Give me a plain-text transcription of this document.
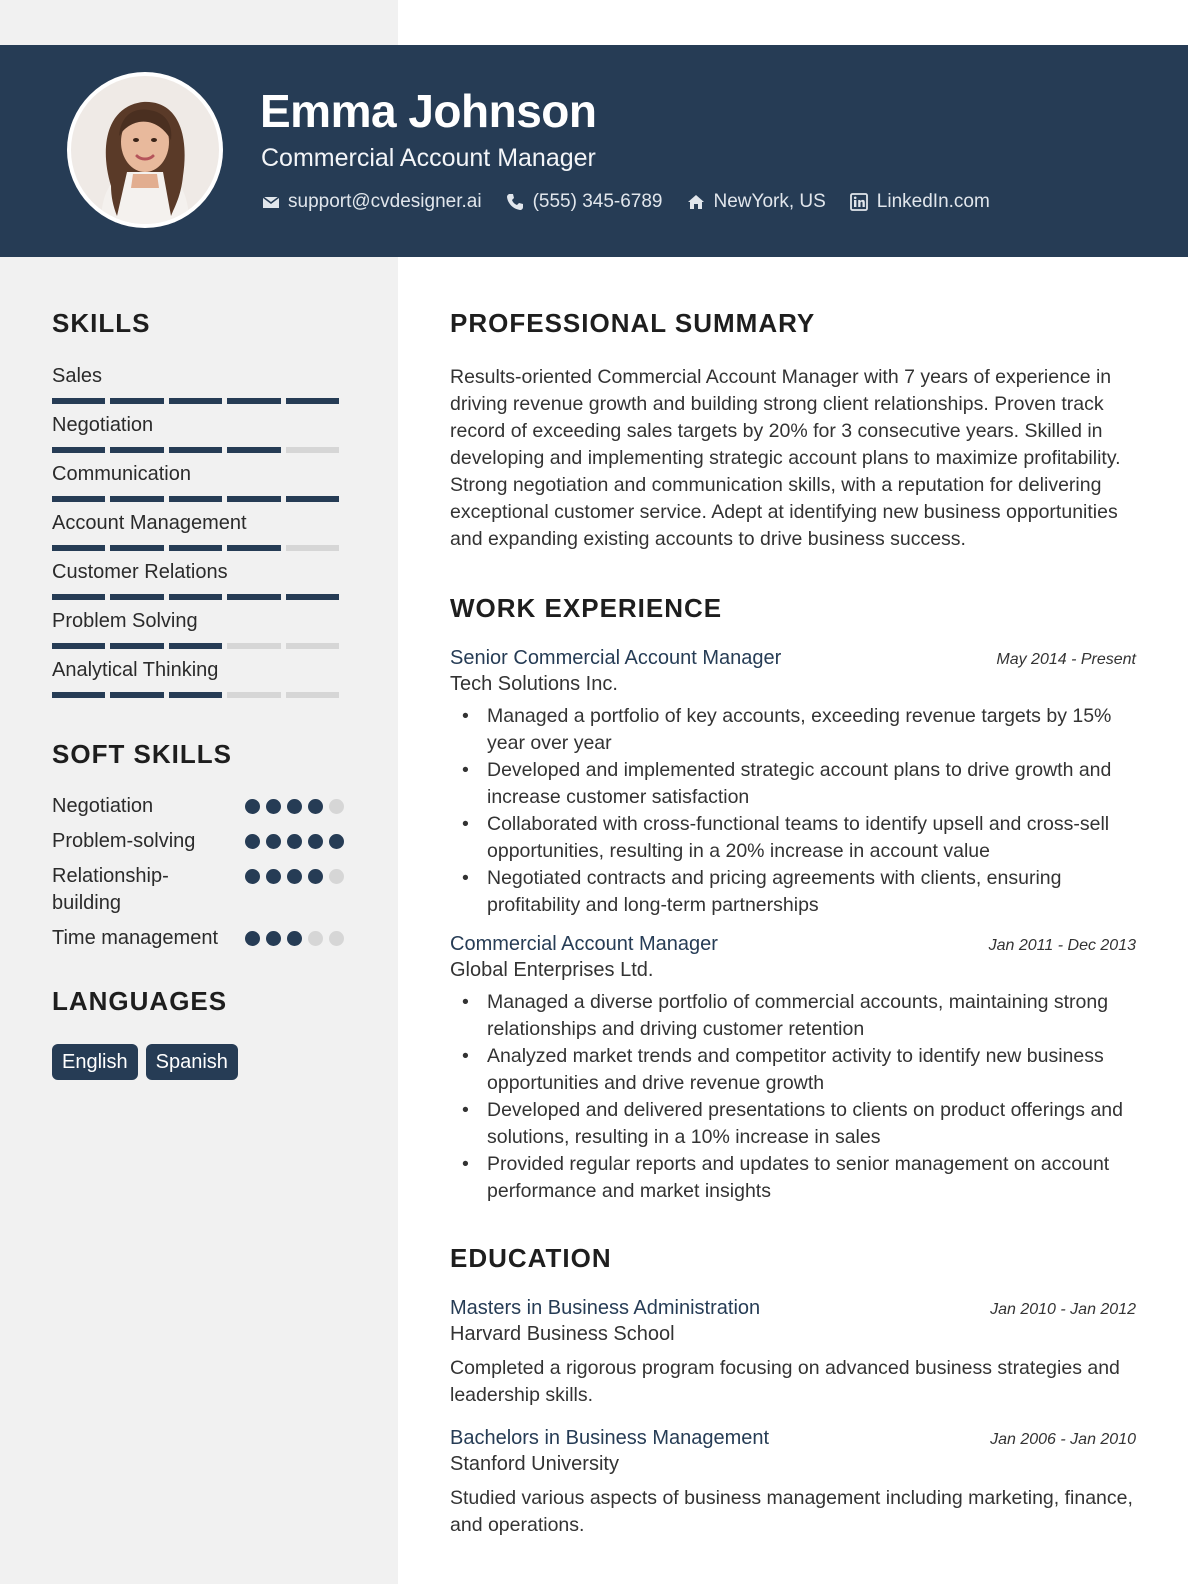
Emma Johnson
Commercial Account Manager
support@cvdesigner.ai	(555) 345-6789	NewYork, US	LinkedIn.com
SKILLS
Sales
Negotiation
Communication
Account Management
Customer Relations
Problem Solving
Analytical Thinking
SOFT SKILLS
Negotiation
Problem-solving
Relationship-building
Time management
LANGUAGES
English	Spanish
PROFESSIONAL SUMMARY

Results-oriented Commercial Account Manager with 7 years of experience in driving revenue growth and building strong client relationships. Proven track record of exceeding sales targets by 20% for 3 consecutive years. Skilled in developing and implementing strategic account plans to maximize profitability. Strong negotiation and communication skills, with a reputation for delivering exceptional customer service. Adept at identifying new business opportunities and expanding existing accounts to drive business success.

WORK EXPERIENCE
Senior Commercial Account Manager	May 2014 - Present
Tech Solutions Inc.
• Managed a portfolio of key accounts, exceeding revenue targets by 15% year over year
• Developed and implemented strategic account plans to drive growth and increase customer satisfaction
• Collaborated with cross-functional teams to identify upsell and cross-sell opportunities, resulting in a 20% increase in account value
• Negotiated contracts and pricing agreements with clients, ensuring profitability and long-term partnerships
Commercial Account Manager	Jan 2011 - Dec 2013
Global Enterprises Ltd.
• Managed a diverse portfolio of commercial accounts, maintaining strong relationships and driving customer retention
• Analyzed market trends and competitor activity to identify new business opportunities and drive revenue growth
• Developed and delivered presentations to clients on product offerings and solutions, resulting in a 10% increase in sales
• Provided regular reports and updates to senior management on account performance and market insights
EDUCATION
Masters in Business Administration	Jan 2010 - Jan 2012
Harvard Business School

Completed a rigorous program focusing on advanced business strategies and leadership skills.

Bachelors in Business Management	Jan 2006 - Jan 2010
Stanford University

Studied various aspects of business management including marketing, finance, and operations.
